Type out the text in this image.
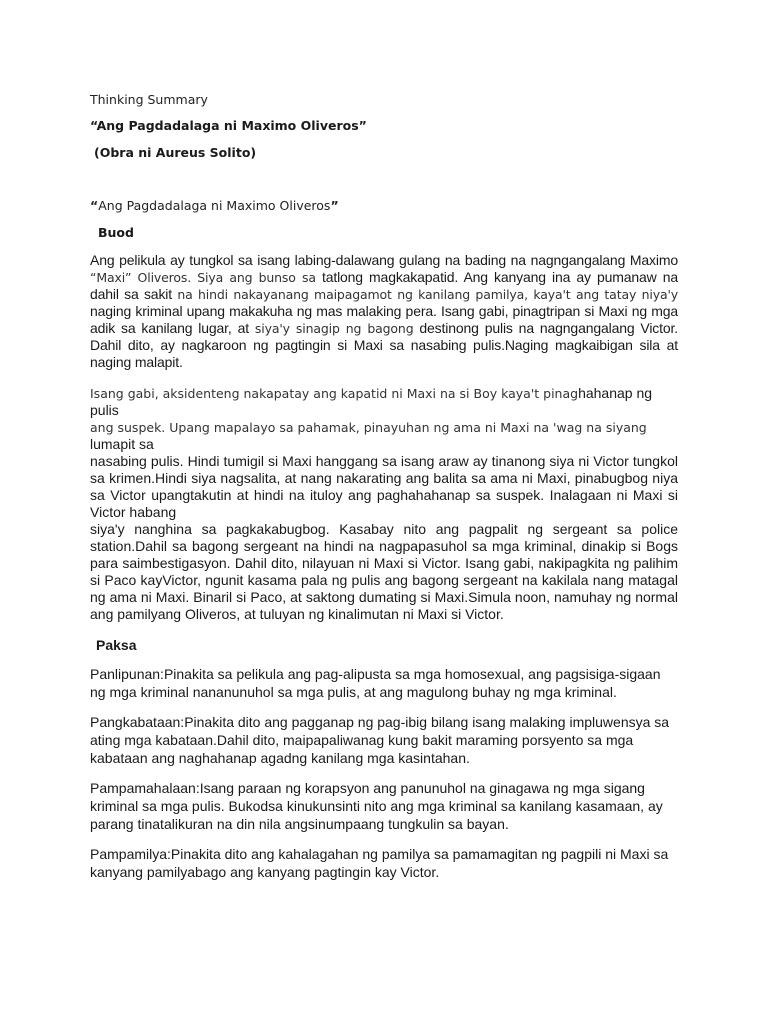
Thinking Summary
“Ang Pagdadalaga ni Maximo Oliveros”
(Obra ni Aureus Solito)
“Ang Pagdadalaga ni Maximo Oliveros”
Buod

Ang pelikula ay tungkol sa isang labing-dalawang gulang na bading na nagngangalang Maximo “Maxi” Oliveros. Siya ang bunso sa tatlong magkakapatid. Ang kanyang ina ay pumanaw na dahil sa sakit na hindi nakayanang maipagamot ng kanilang pamilya, kaya't ang tatay niya'y naging kriminal upang makakuha ng mas malaking pera. Isang gabi, pinagtripan si Maxi ng mga adik sa kanilang lugar, at siya'y sinagip ng bagong destinong pulis na nagngangalang Victor. Dahil dito, ay nagkaroon ng pagtingin si Maxi sa nasabing pulis.Naging magkaibigan sila at naging malapit.

Isang gabi, aksidenteng nakapatay ang kapatid ni Maxi na si Boy kaya't pinaghahanap ng pulis

ang suspek. Upang mapalayo sa pahamak, pinayuhan ng ama ni Maxi na 'wag na siyang

lumapit sa

nasabing pulis. Hindi tumigil si Maxi hanggang sa isang araw ay tinanong siya ni Victor tungkol sa krimen.Hindi siya nagsalita, at nang nakarating ang balita sa ama ni Maxi, pinabugbog niya sa Victor upangtakutin at hindi na ituloy ang paghahahanap sa suspek. Inalagaan ni Maxi si Victor habang

siya'y nanghina sa pagkakabugbog. Kasabay nito ang pagpalit ng sergeant sa police station.Dahil sa bagong sergeant na hindi na nagpapasuhol sa mga kriminal, dinakip si Bogs para saimbestigasyon. Dahil dito, nilayuan ni Maxi si Victor. Isang gabi, nakipagkita ng palihim si Paco kayVictor, ngunit kasama pala ng pulis ang bagong sergeant na kakilala nang matagal ng ama ni Maxi. Binaril si Paco, at saktong dumating si Maxi.Simula noon, namuhay ng normal ang pamilyang Oliveros, at tuluyan ng kinalimutan ni Maxi si Victor.

Paksa

Panlipunan:Pinakita sa pelikula ang pag-alipusta sa mga homosexual, ang pagsisiga-sigaan ng mga kriminal nananunuhol sa mga pulis, at ang magulong buhay ng mga kriminal.

Pangkabataan:Pinakita dito ang pagganap ng pag-ibig bilang isang malaking impluwensya sa ating mga kabataan.Dahil dito, maipapaliwanag kung bakit maraming porsyento sa mga kabataan ang naghahanap agadng kanilang mga kasintahan.

Pampamahalaan:Isang paraan ng korapsyon ang panunuhol na ginagawa ng mga sigang kriminal sa mga pulis. Bukodsa kinukunsinti nito ang mga kriminal sa kanilang kasamaan, ay parang tinatalikuran na din nila angsinumpaang tungkulin sa bayan.

Pampamilya:Pinakita dito ang kahalagahan ng pamilya sa pamamagitan ng pagpili ni Maxi sa kanyang pamilyabago ang kanyang pagtingin kay Victor.
